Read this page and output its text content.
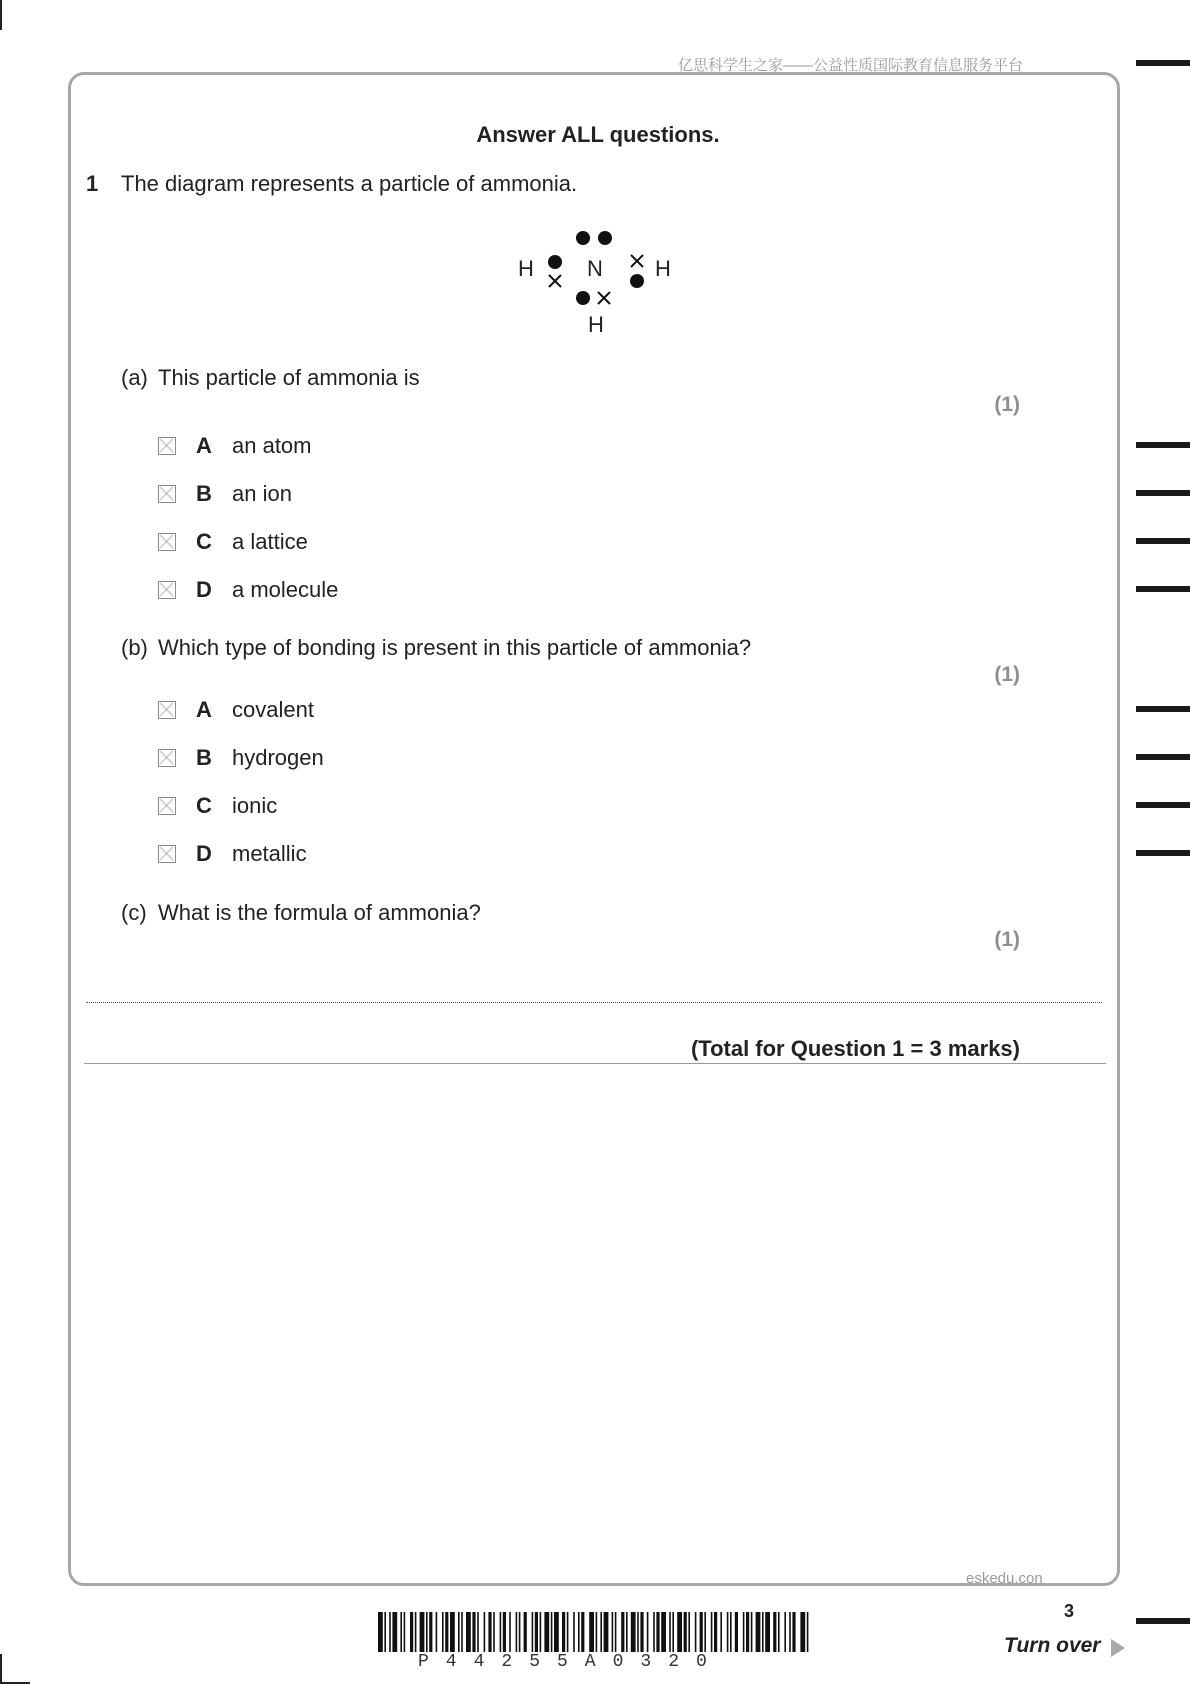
亿思科学生之家——公益性质国际教育信息服务平台
Answer ALL questions.
1 The diagram represents a particle of ammonia.
H N H
H
(a) This particle of ammonia is
(1)
A an atom
B an ion
C a lattice
D a molecule
(b) Which type of bonding is present in this particle of ammonia?
(1)
A covalent
B hydrogen
C ionic
D metallic
(c) What is the formula of ammonia?
(1)
(Total for Question 1 = 3 marks)
eskedu.con
3
Turn over
P44255A0320
